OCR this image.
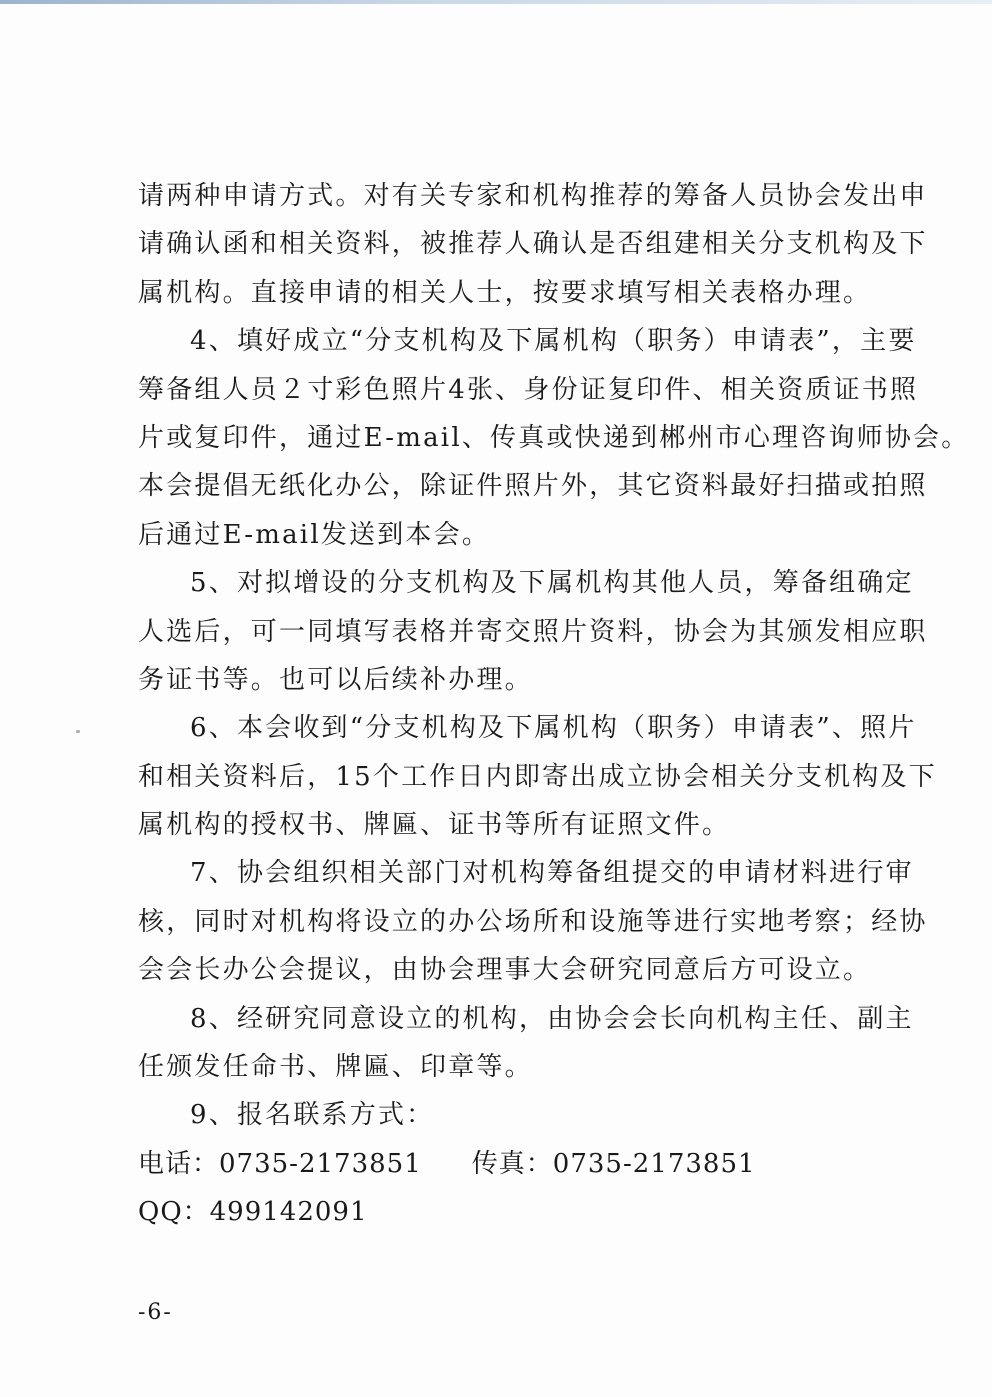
请两种申请方式。对有关专家和机构推荐的筹备人员协会发出申
请确认函和相关资料，被推荐人确认是否组建相关分支机构及下
属机构。直接申请的相关人士，按要求填写相关表格办理。
4、填好成立“分支机构及下属机构（职务）申请表”，主要
筹备组人员２寸彩色照片4张、身份证复印件、相关资质证书照
片或复印件，通过E-mail、传真或快递到郴州市心理咨询师协会。
本会提倡无纸化办公，除证件照片外，其它资料最好扫描或拍照
后通过E-mail发送到本会。
5、对拟增设的分支机构及下属机构其他人员，筹备组确定
人选后，可一同填写表格并寄交照片资料，协会为其颁发相应职
务证书等。也可以后续补办理。
6、本会收到“分支机构及下属机构（职务）申请表”、照片
和相关资料后，15个工作日内即寄出成立协会相关分支机构及下
属机构的授权书、牌匾、证书等所有证照文件。
7、协会组织相关部门对机构筹备组提交的申请材料进行审
核，同时对机构将设立的办公场所和设施等进行实地考察；经协
会会长办公会提议，由协会理事大会研究同意后方可设立。
8、经研究同意设立的机构，由协会会长向机构主任、副主
任颁发任命书、牌匾、印章等。
9、报名联系方式：
电话：0735-2173851 传真：0735-2173851
QQ：499142091
-6-
